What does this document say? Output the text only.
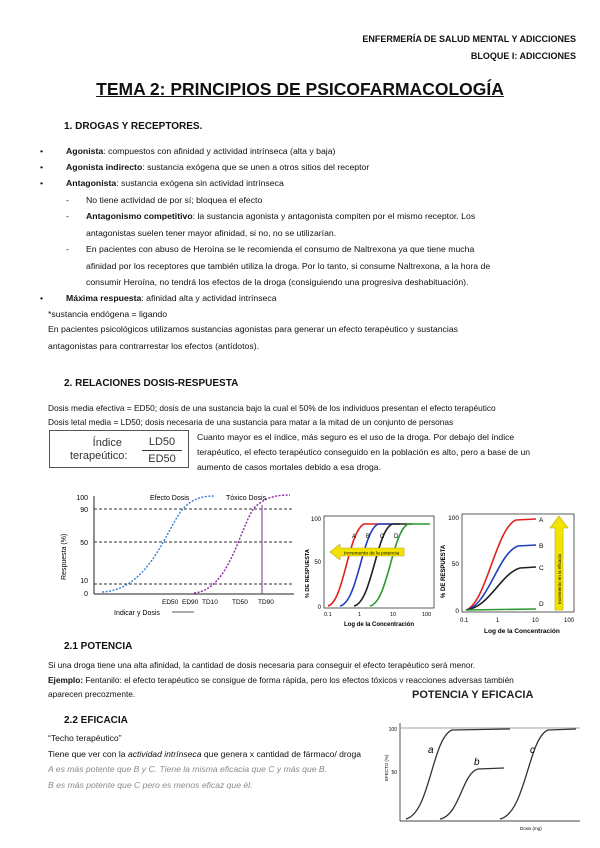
ENFERMERÍA DE SALUD MENTAL Y ADICCIONES
BLOQUE I: ADICCIONES
TEMA 2: PRINCIPIOS DE PSICOFARMACOLOGÍA
1. DROGAS Y RECEPTORES.
•	Agonista: compuestos con afinidad y actividad intrínseca (alta y baja)
•	Agonista indirecto: sustancia exógena que se unen a otros sitios del receptor
•	Antagonista: sustancia exógena sin actividad intrínseca
- No tiene actividad de por sí; bloquea el efecto
- Antagonismo competitivo: la sustancia agonista y antagonista compiten por el mismo receptor. Los
antagonistas suelen tener mayor afinidad, si no, no se utilizarían.
- En pacientes con abuso de Heroína se le recomienda el consumo de Naltrexona ya que tiene mucha
afinidad por los receptores que también utiliza la droga. Por lo tanto, si consume Naltrexona, a la hora de
consumir Heroína, no tendrá los efectos de la droga (consiguiendo una progresiva deshabituación).
•	Máxima respuesta: afinidad alta y actividad intrínseca
*sustancia endógena = ligando
En pacientes psicológicos utilizamos sustancias agonistas para generar un efecto terapéutico y sustancias
antagonistas para contrarrestar los efectos (antídotos).
2. RELACIONES DOSIS-RESPUESTA
Dosis media efectiva = ED50; dosis de una sustancia bajo la cual el 50% de los individuos presentan el efecto terapéutico
Dosis letal media = LD50; dosis necesaria de una sustancia para matar a la mitad de un conjunto de personas
Índice
terapeútico:
LD50
ED50
Cuanto mayor es el índice, más seguro es el uso de la droga. Por debajo del índice
terapéutico, el efecto terapéutico conseguido en la población es alto, pero a base de un
aumento de casos mortales debido a esa droga.
100
90
50
10
0
Respuesta (%)
Efecto Dosis	Tóxico Dosis
ED50 ED90 TD10 TD50 TD90
Indicar y Dosis
100
50
0
% DE RESPUESTA
0.1	1	10	100
Log de la Concentración
A B C D
Incremento de la potencia
100
50
0
% DE RESPUESTA
0.1	1	10	100
Log de la Concentración
A
B
C
D
Incremento en la eficacia
2.1 POTENCIA
Si una droga tiene una alta afinidad, la cantidad de dosis necesaria para conseguir el efecto terapéutico será menor.
Ejemplo: Fentanilo: el efecto terapéutico se consigue de forma rápida, pero los efectos tóxicos y reacciones adversas también
aparecen precozmente.
2.2 EFICACIA
“Techo terapéutico”
Tiene que ver con la actividad intrínseca que genera x cantidad de fármaco/ droga
A es más potente que B y C. Tiene la misma eficacia que C y más que B.
B es más potente que C pero es menos eficaz que él.
POTENCIA Y EFICACIA
100
50
EFECTO (%)
Dosis (mg)
a
b
c
